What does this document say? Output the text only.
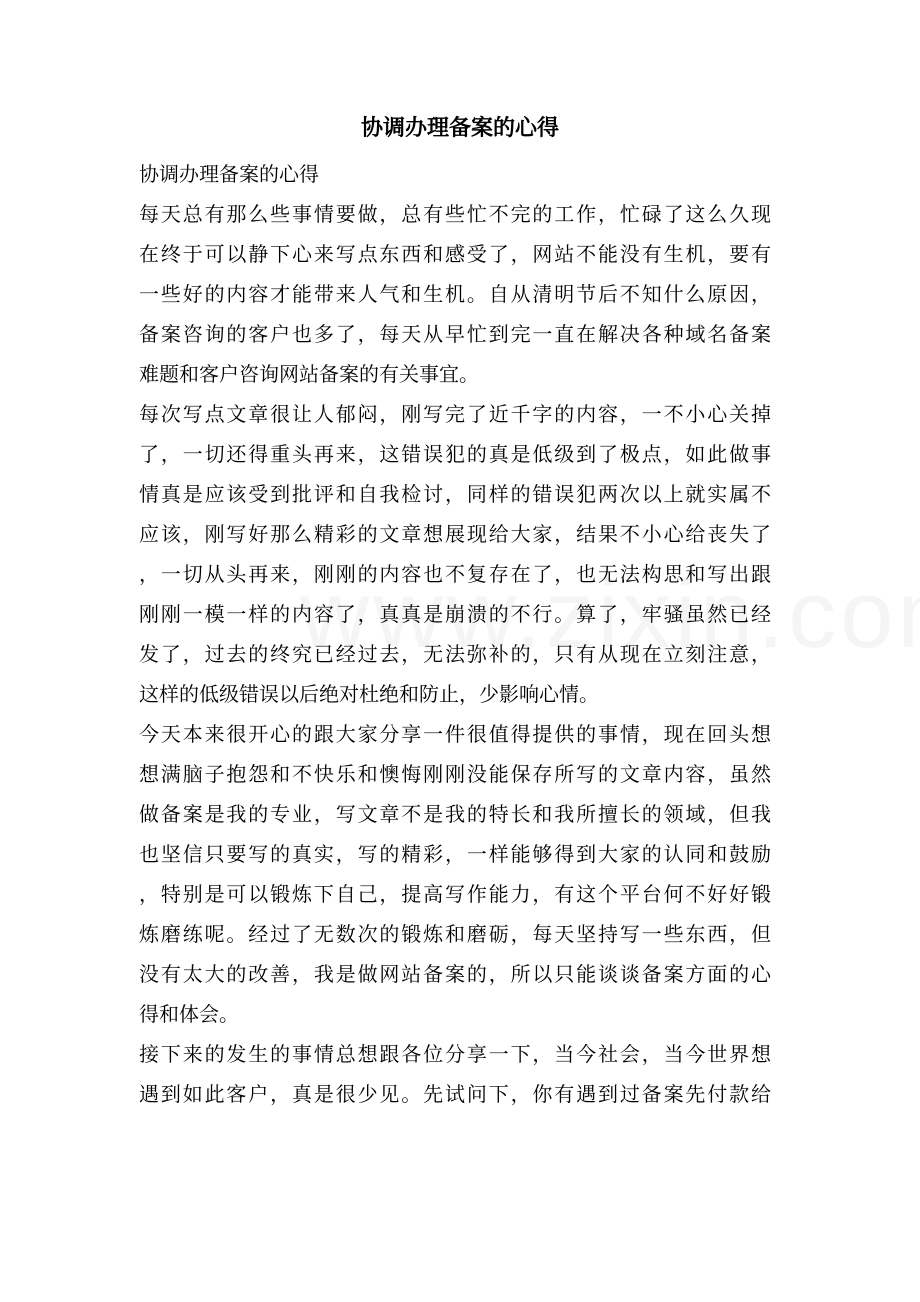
协调办理备案的心得
协调办理备案的心得
每天总有那么些事情要做，总有些忙不完的工作，忙碌了这么久现
在终于可以静下心来写点东西和感受了，网站不能没有生机，要有
一些好的内容才能带来人气和生机。自从清明节后不知什么原因，
备案咨询的客户也多了，每天从早忙到完一直在解决各种域名备案
难题和客户咨询网站备案的有关事宜。
每次写点文章很让人郁闷，刚写完了近千字的内容，一不小心关掉
了，一切还得重头再来，这错误犯的真是低级到了极点，如此做事
情真是应该受到批评和自我检讨，同样的错误犯两次以上就实属不
应该，刚写好那么精彩的文章想展现给大家，结果不小心给丧失了
，一切从头再来，刚刚的内容也不复存在了，也无法构思和写出跟
刚刚一模一样的内容了，真真是崩溃的不行。算了，牢骚虽然已经
发了，过去的终究已经过去，无法弥补的，只有从现在立刻注意，
这样的低级错误以后绝对杜绝和防止，少影响心情。
今天本来很开心的跟大家分享一件很值得提供的事情，现在回头想
想满脑子抱怨和不快乐和懊悔刚刚没能保存所写的文章内容，虽然
做备案是我的专业，写文章不是我的特长和我所擅长的领域，但我
也坚信只要写的真实，写的精彩，一样能够得到大家的认同和鼓励
，特别是可以锻炼下自己，提高写作能力，有这个平台何不好好锻
炼磨练呢。经过了无数次的锻炼和磨砺，每天坚持写一些东西，但
没有太大的改善，我是做网站备案的，所以只能谈谈备案方面的心
得和体会。
接下来的发生的事情总想跟各位分享一下，当今社会，当今世界想
遇到如此客户，真是很少见。先试问下，你有遇到过备案先付款给
